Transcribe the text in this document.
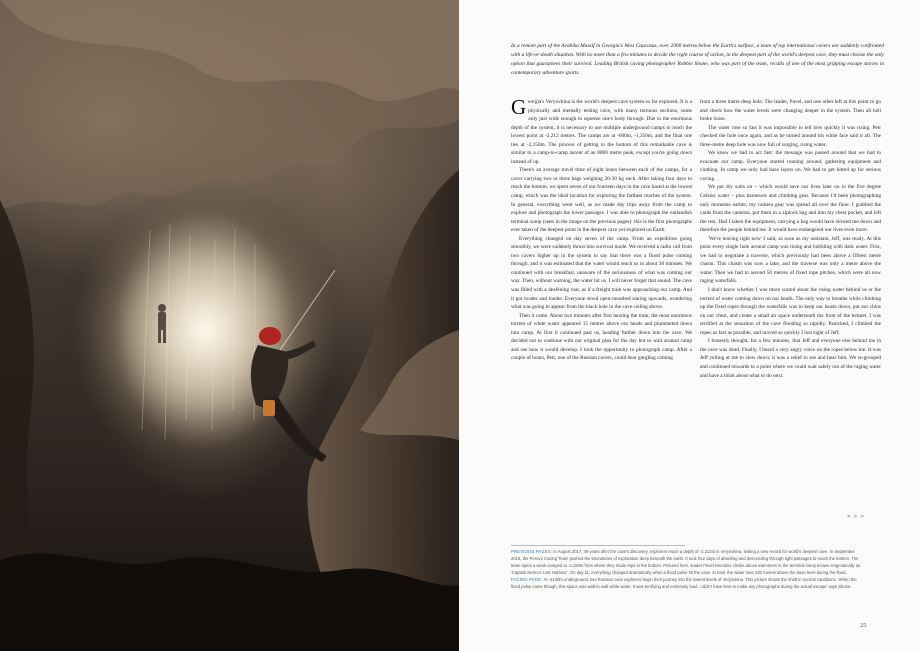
In a remote part of the Arabika Massif in Georgia's West Caucasus, over 2000 metres below the Earth's surface, a team of top international cavers are suddenly confronted with a life-or-death situation. With no more than a few minutes to decide the right course of action, in the deepest part of the world's deepest cave, they must choose the only option that guarantees their survival. Leading British caving photographer Robbie Shone, who was part of the team, recalls of one of the most gripping escape stories in contemporary adventure sports.

Georgia's Veryovkina is the world's deepest cave system so far explored. It is a physically and mentally testing cave, with many tortuous sections, some only just wide enough to squeeze one's body through. Due to the enormous depth of the system, it is necessary to use multiple underground camps to reach the lowest point at -2,212 metres. The camps are at -600m, -1,350m, and the final one lies at -2,150m. The process of getting to the bottom of this remarkable cave is similar to a camp-to-camp ascent of an 8000 metre peak, except you're going down instead of up.

There's an average travel time of eight hours between each of the camps, for a caver carrying two or three bags weighing 20-30 kg each. After taking four days to reach the bottom, we spent seven of our fourteen days in the cave based at the lowest camp, which was the ideal location for exploring the farthest reaches of the system. In general, everything went well, as we made day trips away from the camp to explore and photograph the lower passages. I was able to photograph the outlandish terminal sump (seen in the image on the previous pages): this is the first photographs ever taken of the deepest point in the deepest cave yet explored on Earth.

Everything changed on day seven of the camp. From an expedition going smoothly, we were suddenly thrust into survival mode. We received a radio call from two cavers higher up in the system to say that there was a flood pulse coming through, and it was estimated that the water would reach us in about 30 minutes. We continued with our breakfast, unaware of the seriousness of what was coming our way. Then, without warning, the water hit us. I will never forget that sound. The cave was filled with a deafening roar, as if a freight train was approaching our camp. And it got louder and louder. Everyone stood open-mouthed staring upwards, wondering what was going to appear from the black hole in the cave ceiling above.

Then it came. About two minutes after first hearing the train, the most enormous torrent of white water appeared 15 metres above our heads and plummeted down into camp. At first it continued past us, heading further down into the cave. We decided not to continue with our original plan for the day but to wait around camp and see how it would develop. I took the opportunity to photograph camp. After a couple of hours, Petr, one of the Russian cavers, could hear gurgling coming

from a three metre deep hole. The leader, Pavel, and one other left at this point to go and check how the water levels were changing deeper in the system. Then all hell broke loose.

The water rose so fast it was impossible to tell how quickly it was rising. Petr checked the hole once again, and as he turned around his white face said it all. The three-metre deep hole was now full of surging, rising water.

We knew we had to act fast: the message was passed around that we had to evacuate our camp. Everyone started running around, gathering equipment and clothing. In camp we only had base layers on. We had to get kitted up for serious caving.

We put dry suits on – which would save our lives later on in the five degree Celsius water – plus harnesses and climbing gear. Because I'd been photographing only moments earlier, my camera gear was spread all over the floor. I grabbed the cards from the cameras, put them in a ziplock bag and into my chest pocket, and left the rest. Had I taken the equipment, carrying a bag would have slowed me down and therefore the people behind me. It would have endangered our lives even more.

'We're leaving right now' I said, as soon as my assistant, Jeff, was ready. At this point every single hole around camp was rising and bubbling with dark water. First, we had to negotiate a traverse, which previously had been above a fifteen metre chasm. This chasm was now a lake, and the traverse was only a metre above the water. Then we had to ascend 50 metres of fixed rope pitches, which were all now raging waterfalls.

I don't know whether I was more scared about the rising water behind us or the torrent of water coming down on our heads. The only way to breathe while climbing up the fixed ropes through the waterfalls was to keep our heads down, put our chins on our chest, and create a small air space underneath the front of the helmet. I was terrified at the sensation of the cave flooding so rapidly. Panicked, I climbed the ropes as fast as possible, and moved so quickly I lost sight of Jeff.

I honestly thought, for a few minutes, that Jeff and everyone else behind me in the cave was dead. Finally, I heard a very angry voice on the ropes below me. It was Jeff yelling at me to slow down; it was a relief to see and hear him. We re-grouped and continued onwards to a point where we could wait safely out of the raging water and have a think about what to do next.

> > >

PREVIOUS PAGES: In August 2017, 49 years after the cave's discovery, explorers reach a depth of -2,212m in Veryovkina, setting a new record for world's deepest cave. In September 2018, the Perovo Caving Team pushed the boundaries of exploration deep beneath the earth. It took four days of abseiling and descending through tight passages to reach the bottom. The team spent a week camped at -2,150m from where they made trips to the bottom. Pictured here, leader Pavel Demidov climbs above swimmers in the terminal sump known enigmatically as 'Captain Nemo's Lost Harbour'. On day 11, everything changed dramatically when a flood pulse hit the cave. In total, the water rose 130 metres above the base level during the flood.

FACING PAGE: At -2100m underground, two Russian cave explorers begin their journey into the lowest levels of Veryovkina. This picture shows the shaft in normal conditions. 'When the flood pulse came though, this space was wall-to-wall white water. It was terrifying and extremely loud. I didn't have time to make any photographs during the actual escape' says Shone.

25
